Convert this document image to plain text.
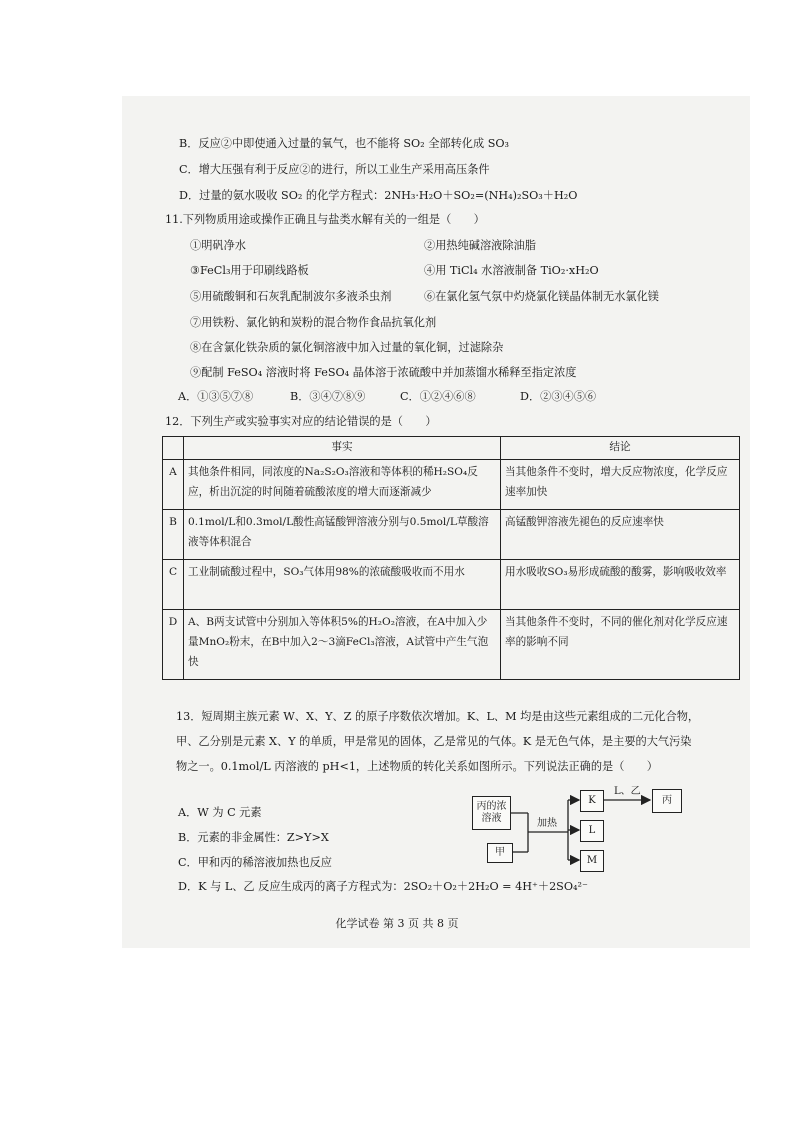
B．反应②中即使通入过量的氧气，也不能将 SO₂ 全部转化成 SO₃
C．增大压强有利于反应②的进行，所以工业生产采用高压条件
D．过量的氨水吸收 SO₂ 的化学方程式：2NH₃·H₂O＋SO₂=(NH₄)₂SO₃＋H₂O
11.下列物质用途或操作正确且与盐类水解有关的一组是（　　）
①明矾净水	②用热纯碱溶液除油脂
③FeCl₃用于印刷线路板	④用 TiCl₄ 水溶液制备 TiO₂·xH₂O
⑤用硫酸铜和石灰乳配制波尔多液杀虫剂	⑥在氯化氢气氛中灼烧氯化镁晶体制无水氯化镁
⑦用铁粉、氯化钠和炭粉的混合物作食品抗氧化剂
⑧在含氯化铁杂质的氯化铜溶液中加入过量的氧化铜，过滤除杂
⑨配制 FeSO₄ 溶液时将 FeSO₄ 晶体溶于浓硫酸中并加蒸馏水稀释至指定浓度
A．①③⑤⑦⑧	B．③④⑦⑧⑨	C．①②④⑥⑧	D．②③④⑤⑥
12．下列生产或实验事实对应的结论错误的是（　　）
	事实	结论
A	其他条件相同，同浓度的Na₂S₂O₃溶液和等体积的稀H₂SO₄反应，析出沉淀的时间随着硫酸浓度的增大而逐渐减少	当其他条件不变时，增大反应物浓度，化学反应速率加快
B	0.1mol/L和0.3mol/L酸性高锰酸钾溶液分别与0.5mol/L草酸溶液等体积混合	高锰酸钾溶液先褪色的反应速率快
C	工业制硫酸过程中，SO₃气体用98%的浓硫酸吸收而不用水	用水吸收SO₃易形成硫酸的酸雾，影响吸收效率
D	A、B两支试管中分别加入等体积5%的H₂O₂溶液，在A中加入少量MnO₂粉末，在B中加入2～3滴FeCl₃溶液，A试管中产生气泡快	当其他条件不变时，不同的催化剂对化学反应速率的影响不同
13．短周期主族元素 W、X、Y、Z 的原子序数依次增加。K、L、M 均是由这些元素组成的二元化合物，
甲、乙分别是元素 X、Y 的单质，甲是常见的固体，乙是常见的气体。K 是无色气体，是主要的大气污染
物之一。0.1mol/L 丙溶液的 pH<1，上述物质的转化关系如图所示。下列说法正确的是（　　）
A．W 为 C 元素
B．元素的非金属性：Z>Y>X
C．甲和丙的稀溶液加热也反应
D．K 与 L、乙 反应生成丙的离子方程式为：2SO₂＋O₂＋2H₂O = 4H⁺＋2SO₄²⁻
丙的浓溶液
甲
加热
K
L
M
L、乙
丙
化学试卷 第 3 页 共 8 页
